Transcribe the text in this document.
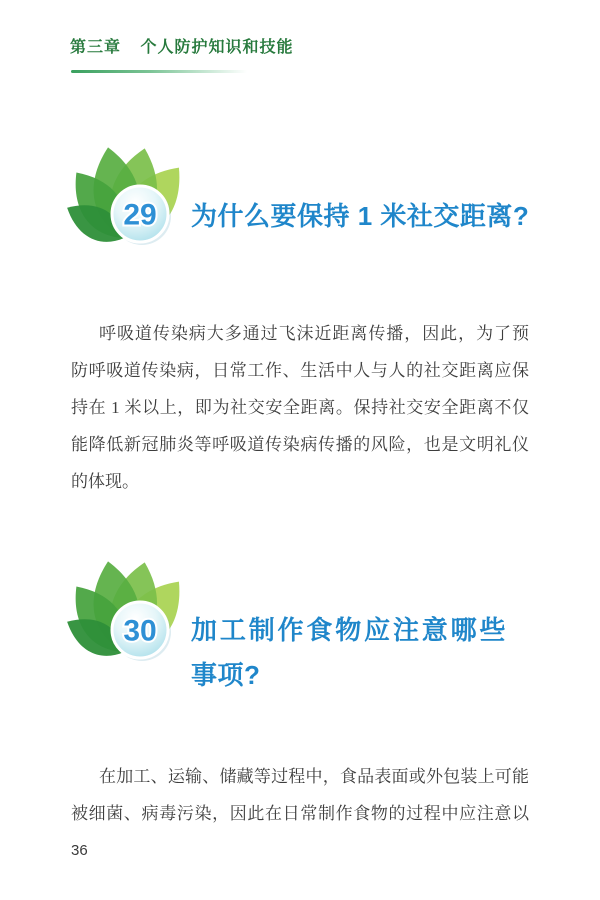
第三章 个人防护知识和技能
29 为什么要保持 1 米社交距离?
呼吸道传染病大多通过飞沫近距离传播，因此，为了预
防呼吸道传染病，日常工作、生活中人与人的社交距离应保
持在 1 米以上，即为社交安全距离。保持社交安全距离不仅
能降低新冠肺炎等呼吸道传染病传播的风险，也是文明礼仪
的体现。
30 加工制作食物应注意哪些
事项?
在加工、运输、储藏等过程中，食品表面或外包装上可能
被细菌、病毒污染，因此在日常制作食物的过程中应注意以
36
